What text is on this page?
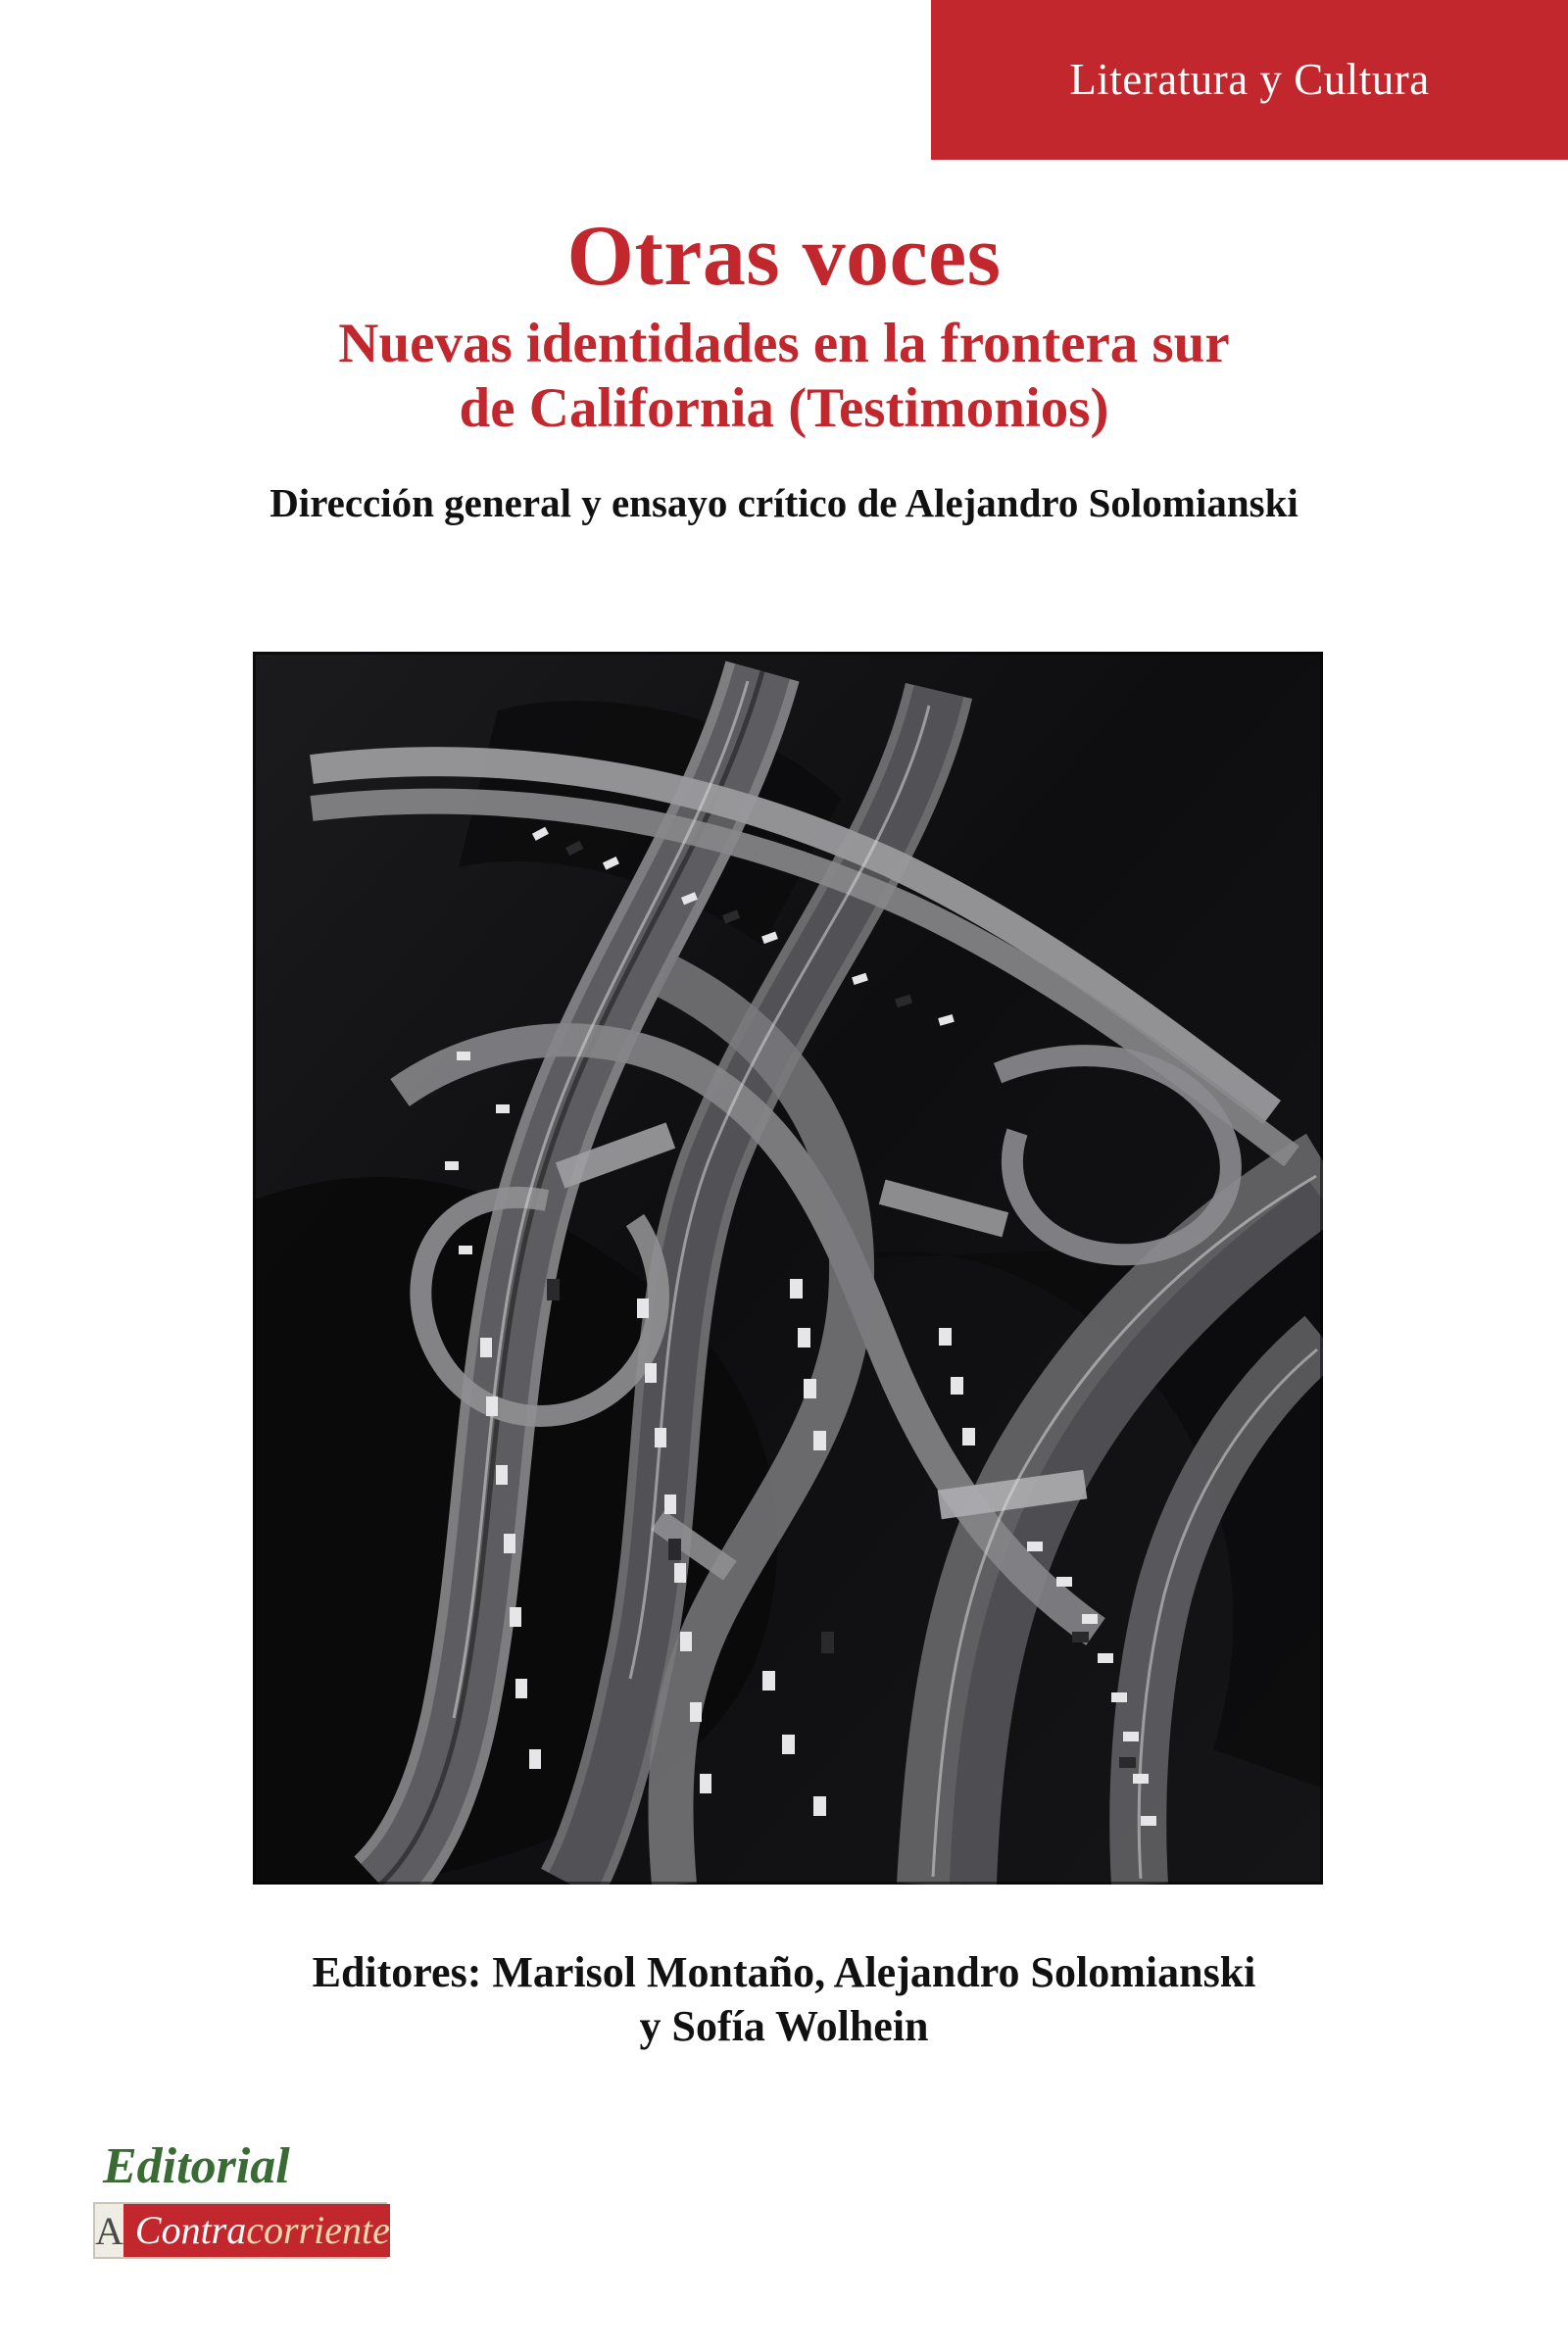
Literatura y Cultura
Otras voces
Nuevas identidades en la frontera sur
de California (Testimonios)
Dirección general y ensayo crítico de Alejandro Solomianski
Editores: Marisol Montaño, Alejandro Solomianski
y Sofía Wolhein
Editorial
A Contracorriente
